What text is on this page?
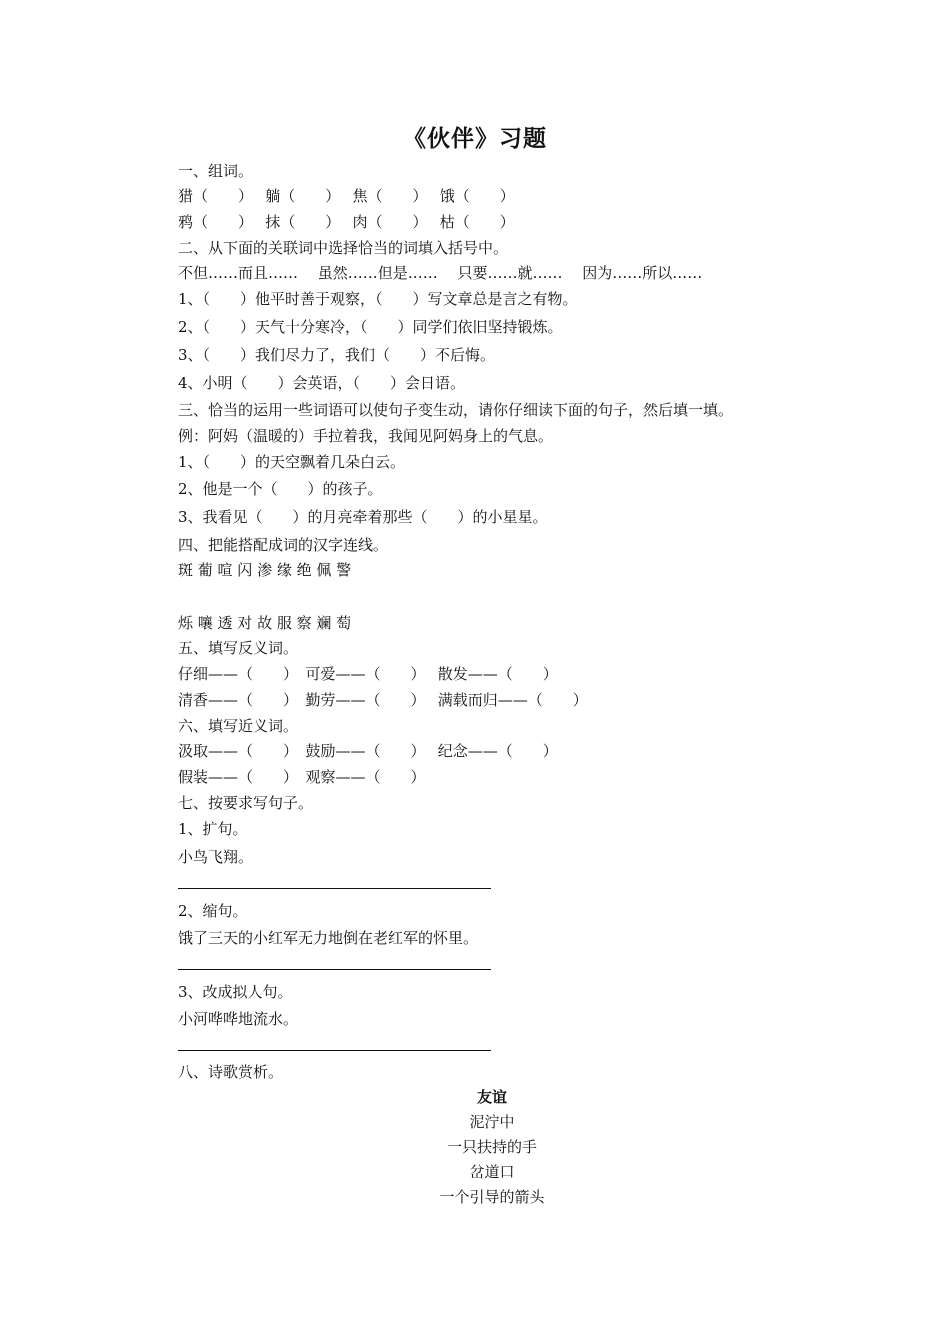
《伙伴》习题
一、组词。
猎（　　）　 躺（　　）　 焦（　　）　 饿（　　）
鸦（　　）　 抹（　　）　 肉（　　）　 枯（　　）
二、从下面的关联词中选择恰当的词填入括号中。
不但……而且……　 虽然……但是……　 只要……就……　 因为……所以……
1、（　　）他平时善于观察，（　　）写文章总是言之有物。
2、（　　）天气十分寒冷，（　　）同学们依旧坚持锻炼。
3、（　　）我们尽力了，我们（　　）不后悔。
4、小明（　　）会英语，（　　）会日语。
三、恰当的运用一些词语可以使句子变生动，请你仔细读下面的句子，然后填一填。
例：阿妈（温暖的）手拉着我，我闻见阿妈身上的气息。
1、（　　）的天空飘着几朵白云。
2、他是一个（　　）的孩子。
3、我看见（　　）的月亮牵着那些（　　）的小星星。
四、把能搭配成词的汉字连线。
斑 葡 喧 闪 渗 缘 绝 佩 警
烁 嚷 透 对 故 服 察 斓 萄
五、填写反义词。
仔细——（　　）　可爱——（　　）　 散发——（　　）
清香——（　　）　勤劳——（　　）　 满载而归——（　　）
六、填写近义词。
汲取——（　　）　鼓励——（　　）　 纪念——（　　）
假装——（　　）　观察——（　　）
七、按要求写句子。
1、扩句。
小鸟飞翔。
2、缩句。
饿了三天的小红军无力地倒在老红军的怀里。
3、改成拟人句。
小河哗哗地流水。
八、诗歌赏析。
友谊
泥泞中
一只扶持的手
岔道口
一个引导的箭头
